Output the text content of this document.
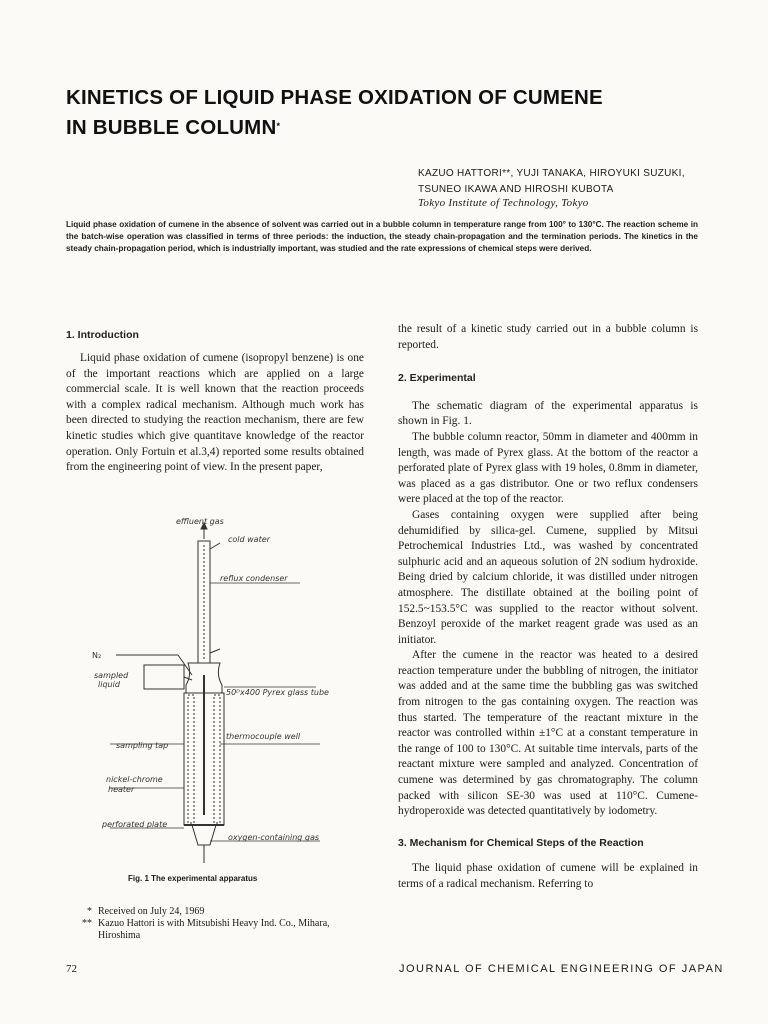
KINETICS OF LIQUID PHASE OXIDATION OF CUMENE
IN BUBBLE COLUMN*
KAZUO HATTORI**, YUJI TANAKA, HIROYUKI SUZUKI,
TSUNEO IKAWA AND HIROSHI KUBOTA
Tokyo Institute of Technology, Tokyo
Liquid phase oxidation of cumene in the absence of solvent was carried out in a bubble column in temperature range from 100° to 130°C. The reaction scheme in the batch-wise operation was classified in terms of three periods: the induction, the steady chain-propagation and the termination periods. The kinetics in the steady chain-propagation period, which is industrially important, was studied and the rate expressions of chemical steps were derived.
1. Introduction

Liquid phase oxidation of cumene (isopropyl benzene) is one of the important reactions which are applied on a large commercial scale. It is well known that the reaction proceeds with a complex radical mechanism. Although much work has been directed to studying the reaction mechanism, there are few kinetic studies which give quantitave knowledge of the reactor operation. Only Fortuin et al.3,4) reported some results obtained from the engineering point of view. In the present paper,

effluent gas
cold water
reflux condenser
N₂
sampled
liquid
50ᴰx400 Pyrex glass tube
thermocouple well
sampling tap
nickel-chrome
heater
perforated plate
oxygen-containing gas
Fig. 1 The experimental apparatus
* Received on July 24, 1969
** Kazuo Hattori is with Mitsubishi Heavy Ind. Co., Mihara, Hiroshima

the result of a kinetic study carried out in a bubble column is reported.

2. Experimental

The schematic diagram of the experimental apparatus is shown in Fig. 1.

The bubble column reactor, 50mm in diameter and 400mm in length, was made of Pyrex glass. At the bottom of the reactor a perforated plate of Pyrex glass with 19 holes, 0.8mm in diameter, was placed as a gas distributor. One or two reflux condensers were placed at the top of the reactor.

Gases containing oxygen were supplied after being dehumidified by silica-gel. Cumene, supplied by Mitsui Petrochemical Industries Ltd., was washed by concentrated sulphuric acid and an aqueous solution of 2N sodium hydroxide. Being dried by calcium chloride, it was distilled under nitrogen atmosphere. The distillate obtained at the boiling point of 152.5~153.5°C was supplied to the reactor without solvent. Benzoyl peroxide of the market reagent grade was used as an initiator.

After the cumene in the reactor was heated to a desired reaction temperature under the bubbling of nitrogen, the initiator was added and at the same time the bubbling gas was switched from nitrogen to the gas containing oxygen. The reaction was thus started. The temperature of the reactant mixture in the reactor was controlled within ±1°C at a constant temperature in the range of 100 to 130°C. At suitable time intervals, parts of the reactant mixture were sampled and analyzed. Concentration of cumene was determined by gas chromatography. The column packed with silicon SE-30 was used at 110°C. Cumene-hydroperoxide was detected quantitatively by iodometry.

3. Mechanism for Chemical Steps of the Reaction

The liquid phase oxidation of cumene will be explained in terms of a radical mechanism. Referring to

72	JOURNAL OF CHEMICAL ENGINEERING OF JAPAN
